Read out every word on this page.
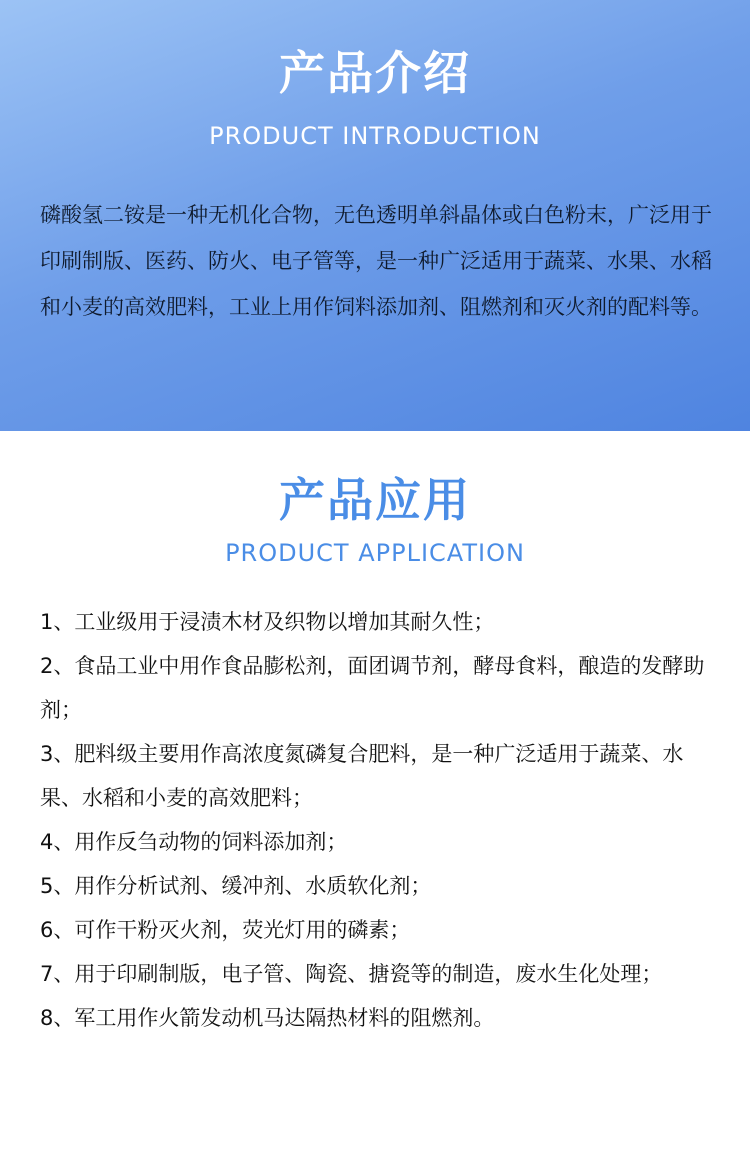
产品介绍
PRODUCT INTRODUCTION

磷酸氢二铵是一种无机化合物，无色透明单斜晶体或白色粉末，广泛用于印刷制版、医药、防火、电子管等，是一种广泛适用于蔬菜、水果、水稻和小麦的高效肥料，工业上用作饲料添加剂、阻燃剂和灭火剂的配料等。

产品应用
PRODUCT APPLICATION
1、工业级用于浸渍木材及织物以增加其耐久性；
2、食品工业中用作食品膨松剂，面团调节剂，酵母食料，酿造的发酵助剂；
3、肥料级主要用作高浓度氮磷复合肥料，是一种广泛适用于蔬菜、水果、水稻和小麦的高效肥料；
4、用作反刍动物的饲料添加剂；
5、用作分析试剂、缓冲剂、水质软化剂；
6、可作干粉灭火剂，荧光灯用的磷素；
7、用于印刷制版，电子管、陶瓷、搪瓷等的制造，废水生化处理；
8、军工用作火箭发动机马达隔热材料的阻燃剂。
